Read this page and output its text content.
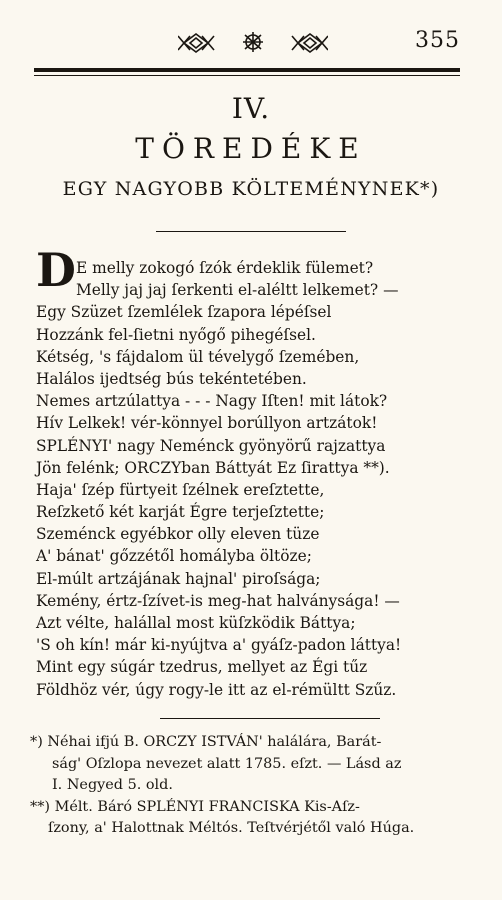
355
IV.
TÖREDÉKE
EGY NAGYOBB KÖLTEMÉNYNEK*)
D E melly zokogó ſzók érdeklik fülemet?
Melly jaj jaj ſerkenti el-aléltt lelkemet? —
Egy Szüzet ſzemlélek ſzapora lépéſsel
Hozzánk fel-ſietni nyőgő pihegéſsel.
Kétség, 's fájdalom ül tévelygő ſzemében,
Halálos ijedtség bús tekéntetében.
Nemes artzúlattya - - - Nagy Iſten! mit látok?
Hív Lelkek! vér-könnyel borúllyon artzátok!
SPLÉNYI' nagy Neménck gyönyörű rajzattya
Jön felénk; ORCZYban Báttyát Ez ſirattya **).
Haja' ſzép fürtyeit ſzélnek ereſztette,
Reſzkető két karját Égre terjeſztette;
Szeménck egyébkor olly eleven tüze
A' bánat' gőzzétől homályba öltöze;
El-múlt artzájának hajnal' piroſsága;
Kemény, értz-ſzívet-is meg-hat halványsága! —
Azt vélte, halállal most küſzködik Báttya;
'S oh kín! már ki-nyújtva a' gyáſz-padon láttya!
Mint egy súgár tzedrus, mellyet az Égi tűz
Földhöz vér, úgy rogy-le itt az el-rémültt Szűz.
*) Néhai ifjú B. ORCZY ISTVÁN' halálára, Barát-
ság' Oſzlopa nevezet alatt 1785. eſzt. — Lásd az
I. Negyed 5. old.
**) Mélt. Báró SPLÉNYI FRANCISKA Kis-Aſz-
ſzony, a' Halottnak Méltós. Teſtvérjétől való Húga.
